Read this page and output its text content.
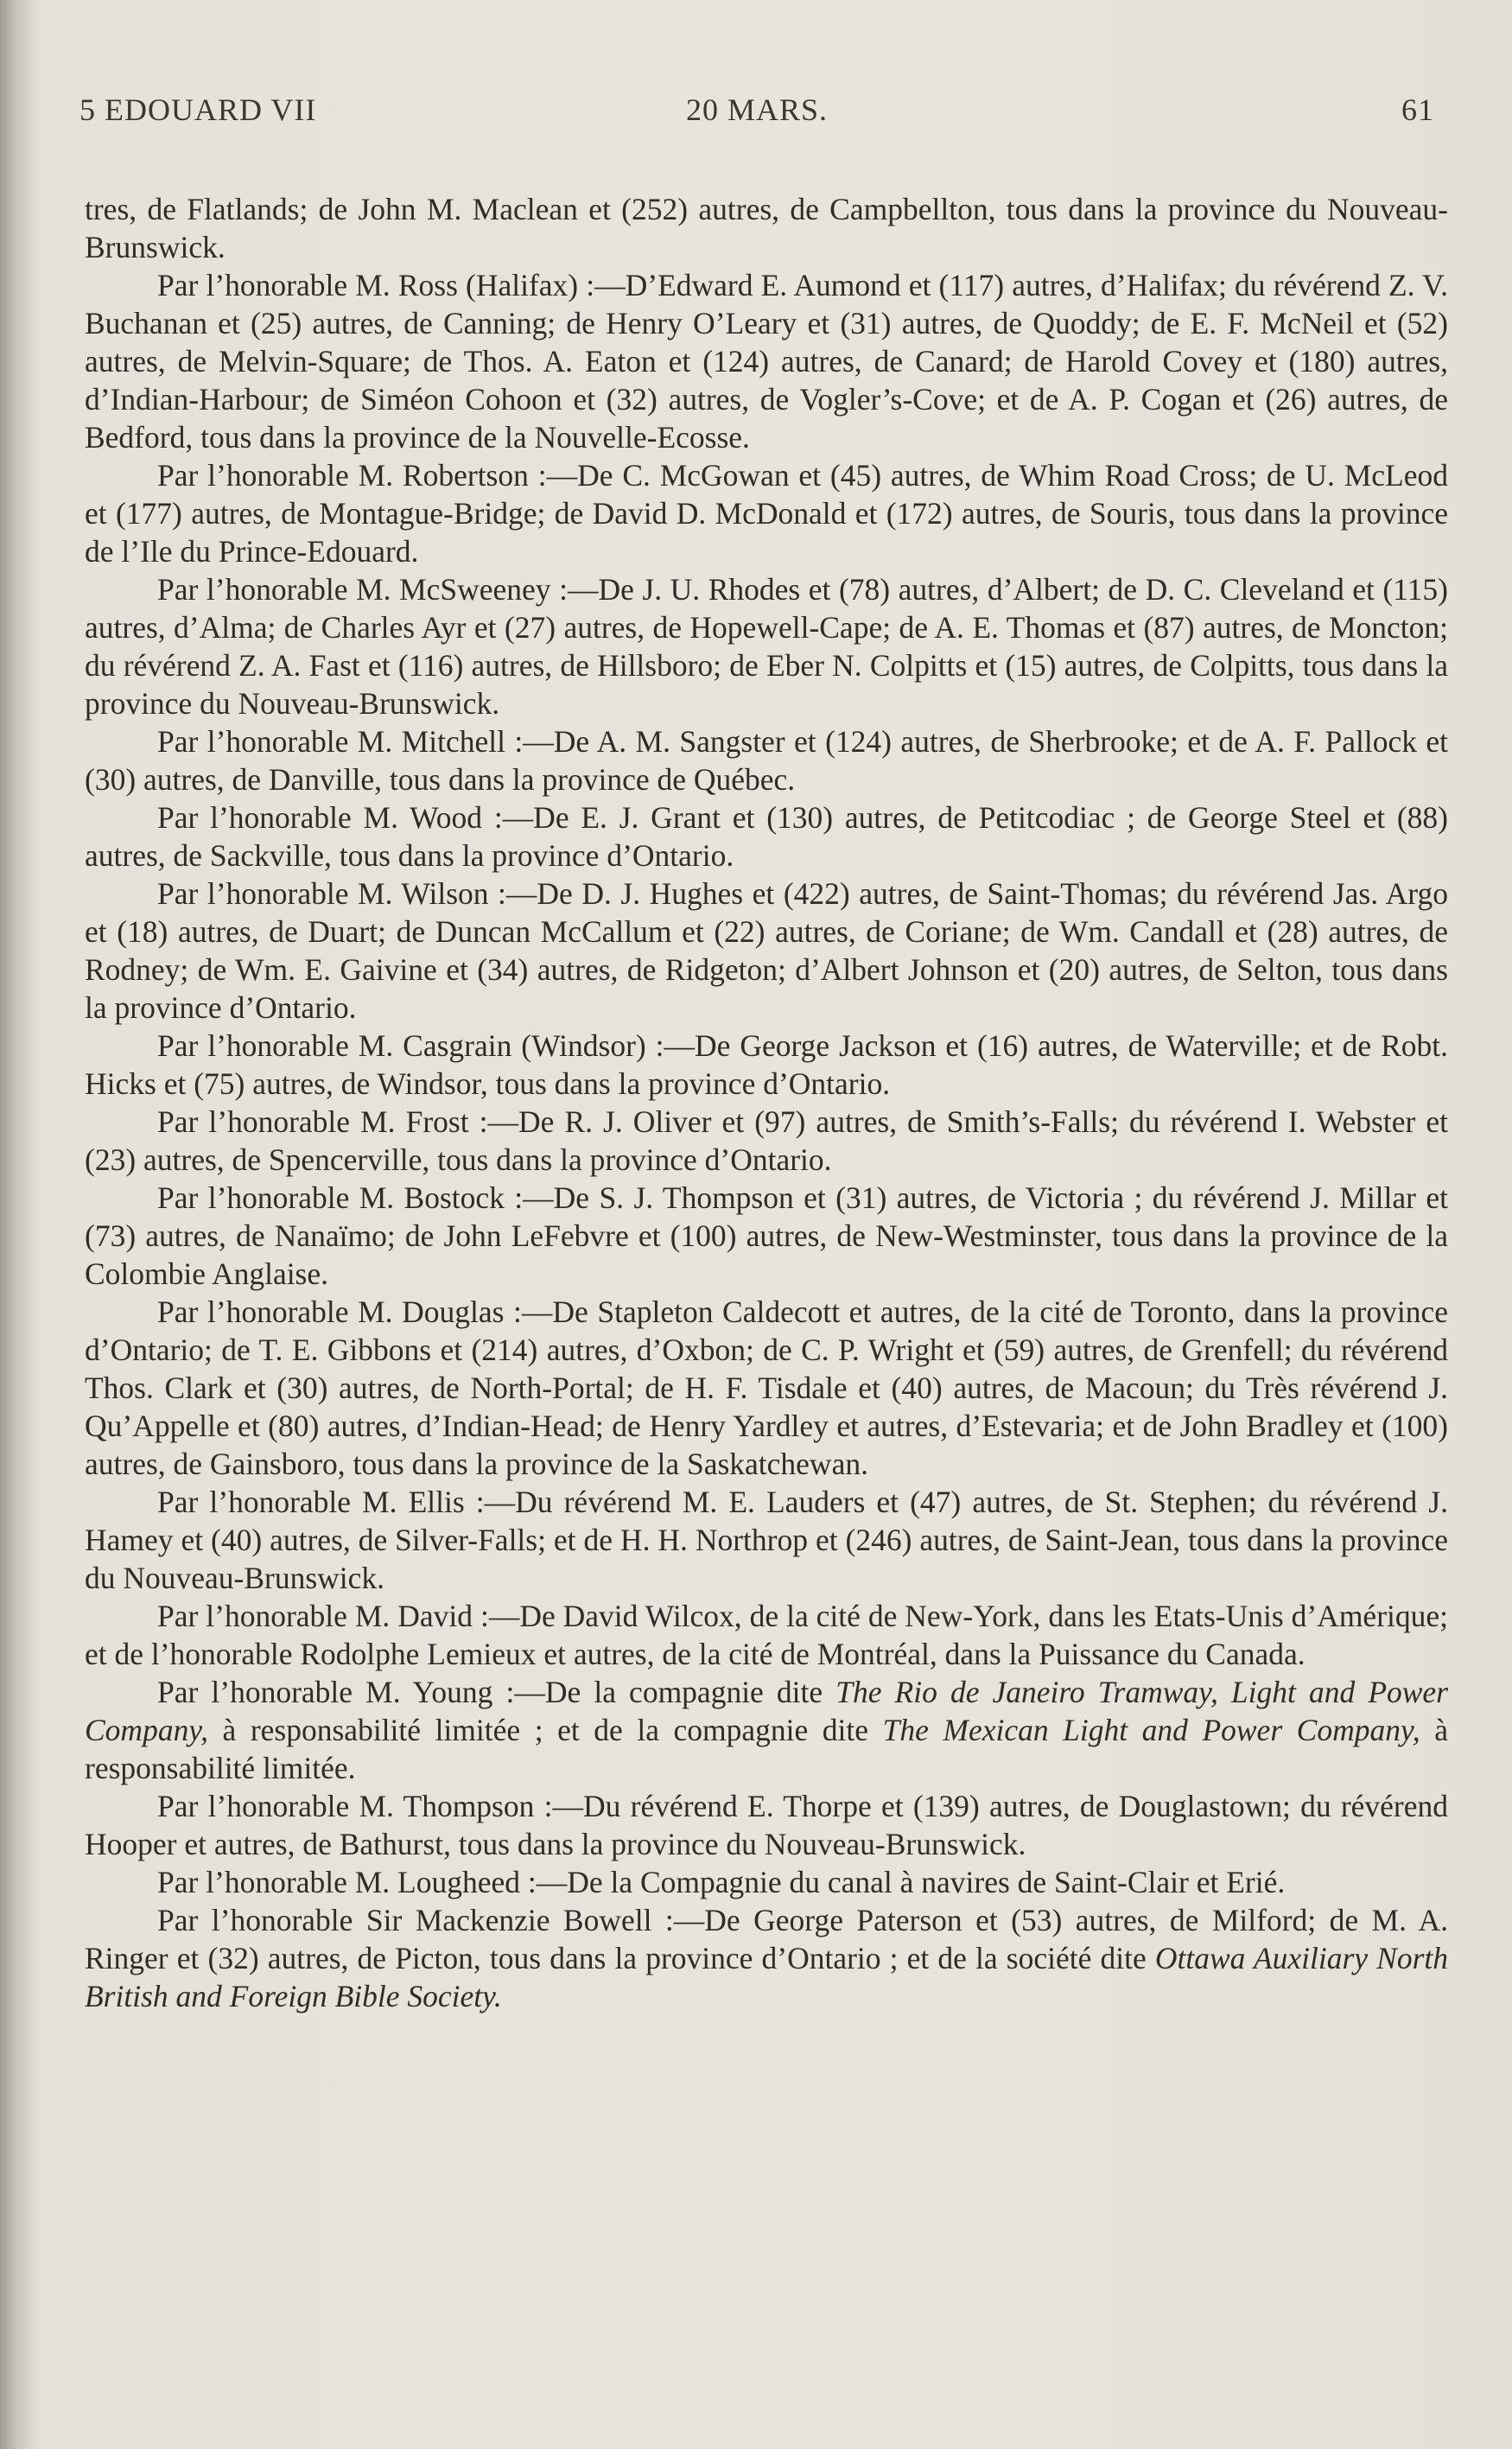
5 EDOUARD VII	20 MARS.	61

tres, de Flatlands; de John M. Maclean et (252) autres, de Campbellton, tous dans la province du Nouveau-Brunswick.

Par l’honorable M. Ross (Halifax) :—D’Edward E. Aumond et (117) autres, d’Halifax; du révérend Z. V. Buchanan et (25) autres, de Canning; de Henry O’Leary et (31) autres, de Quoddy; de E. F. McNeil et (52) autres, de Melvin-Square; de Thos. A. Eaton et (124) autres, de Canard; de Harold Covey et (180) autres, d’Indian-Harbour; de Siméon Cohoon et (32) autres, de Vogler’s-Cove; et de A. P. Cogan et (26) autres, de Bedford, tous dans la province de la Nouvelle-Ecosse.

Par l’honorable M. Robertson :—De C. McGowan et (45) autres, de Whim Road Cross; de U. McLeod et (177) autres, de Montague-Bridge; de David D. McDonald et (172) autres, de Souris, tous dans la province de l’Ile du Prince-Edouard.

Par l’honorable M. McSweeney :—De J. U. Rhodes et (78) autres, d’Albert; de D. C. Cleveland et (115) autres, d’Alma; de Charles Ayr et (27) autres, de Hopewell-Cape; de A. E. Thomas et (87) autres, de Moncton; du révérend Z. A. Fast et (116) autres, de Hillsboro; de Eber N. Colpitts et (15) autres, de Colpitts, tous dans la province du Nouveau-Brunswick.

Par l’honorable M. Mitchell :—De A. M. Sangster et (124) autres, de Sherbrooke; et de A. F. Pallock et (30) autres, de Danville, tous dans la province de Québec.

Par l’honorable M. Wood :—De E. J. Grant et (130) autres, de Petitcodiac ; de George Steel et (88) autres, de Sackville, tous dans la province d’Ontario.

Par l’honorable M. Wilson :—De D. J. Hughes et (422) autres, de Saint-Thomas; du révérend Jas. Argo et (18) autres, de Duart; de Duncan McCallum et (22) autres, de Coriane; de Wm. Candall et (28) autres, de Rodney; de Wm. E. Gaivine et (34) autres, de Ridgeton; d’Albert Johnson et (20) autres, de Selton, tous dans la province d’Ontario.

Par l’honorable M. Casgrain (Windsor) :—De George Jackson et (16) autres, de Waterville; et de Robt. Hicks et (75) autres, de Windsor, tous dans la province d’Ontario.

Par l’honorable M. Frost :—De R. J. Oliver et (97) autres, de Smith’s-Falls; du révérend I. Webster et (23) autres, de Spencerville, tous dans la province d’Ontario.

Par l’honorable M. Bostock :—De S. J. Thompson et (31) autres, de Victoria ; du révérend J. Millar et (73) autres, de Nanaïmo; de John LeFebvre et (100) autres, de New-Westminster, tous dans la province de la Colombie Anglaise.

Par l’honorable M. Douglas :—De Stapleton Caldecott et autres, de la cité de Toronto, dans la province d’Ontario; de T. E. Gibbons et (214) autres, d’Oxbon; de C. P. Wright et (59) autres, de Grenfell; du révérend Thos. Clark et (30) autres, de North-Portal; de H. F. Tisdale et (40) autres, de Macoun; du Très révérend J. Qu’Appelle et (80) autres, d’Indian-Head; de Henry Yardley et autres, d’Estevaria; et de John Bradley et (100) autres, de Gainsboro, tous dans la province de la Saskatchewan.

Par l’honorable M. Ellis :—Du révérend M. E. Lauders et (47) autres, de St. Stephen; du révérend J. Hamey et (40) autres, de Silver-Falls; et de H. H. Northrop et (246) autres, de Saint-Jean, tous dans la province du Nouveau-Brunswick.

Par l’honorable M. David :—De David Wilcox, de la cité de New-York, dans les Etats-Unis d’Amérique; et de l’honorable Rodolphe Lemieux et autres, de la cité de Montréal, dans la Puissance du Canada.

Par l’honorable M. Young :—De la compagnie dite The Rio de Janeiro Tramway, Light and Power Company, à responsabilité limitée ; et de la compagnie dite The Mexican Light and Power Company, à responsabilité limitée.

Par l’honorable M. Thompson :—Du révérend E. Thorpe et (139) autres, de Douglastown; du révérend Hooper et autres, de Bathurst, tous dans la province du Nouveau-Brunswick.

Par l’honorable M. Lougheed :—De la Compagnie du canal à navires de Saint-Clair et Erié.

Par l’honorable Sir Mackenzie Bowell :—De George Paterson et (53) autres, de Milford; de M. A. Ringer et (32) autres, de Picton, tous dans la province d’Ontario ; et de la société dite Ottawa Auxiliary North British and Foreign Bible Society.
